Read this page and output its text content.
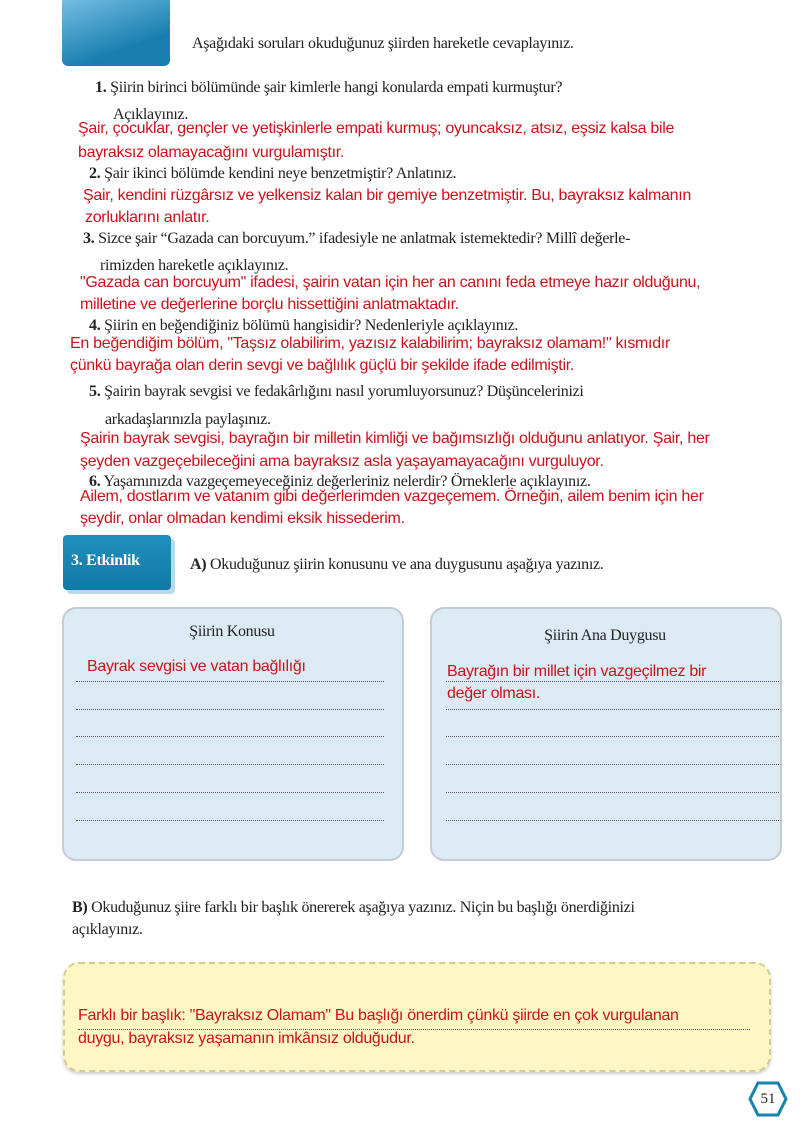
Aşağıdaki soruları okuduğunuz şiirden hareketle cevaplayınız.
1. Şiirin birinci bölümünde şair kimlerle hangi konularda empati kurmuştur?
Açıklayınız.
Şair, çocuklar, gençler ve yetişkinlerle empati kurmuş; oyuncaksız, atsız, eşsiz kalsa bile
bayraksız olamayacağını vurgulamıştır.
2. Şair ikinci bölümde kendini neye benzetmiştir? Anlatınız.
Şair, kendini rüzgârsız ve yelkensiz kalan bir gemiye benzetmiştir. Bu, bayraksız kalmanın
zorluklarını anlatır.
3. Sizce şair “Gazada can borcuyum.” ifadesiyle ne anlatmak istemektedir? Millî değerle-
rimizden hareketle açıklayınız.
"Gazada can borcuyum" ifadesi, şairin vatan için her an canını feda etmeye hazır olduğunu,
milletine ve değerlerine borçlu hissettiğini anlatmaktadır.
4. Şiirin en beğendiğiniz bölümü hangisidir? Nedenleriyle açıklayınız.
En beğendiğim bölüm, "Taşsız olabilirim, yazısız kalabilirim; bayraksız olamam!" kısmıdır
çünkü bayrağa olan derin sevgi ve bağlılık güçlü bir şekilde ifade edilmiştir.
5. Şairin bayrak sevgisi ve fedakârlığını nasıl yorumluyorsunuz? Düşüncelerinizi
arkadaşlarınızla paylaşınız.
Şairin bayrak sevgisi, bayrağın bir milletin kimliği ve bağımsızlığı olduğunu anlatıyor. Şair, her
şeyden vazgeçebileceğini ama bayraksız asla yaşayamayacağını vurguluyor.
6. Yaşamınızda vazgeçemeyeceğiniz değerleriniz nelerdir? Örneklerle açıklayınız.
Ailem, dostlarım ve vatanım gibi değerlerimden vazgeçemem. Örneğin, ailem benim için her
şeydir, onlar olmadan kendimi eksik hissederim.
3. Etkinlik	A) Okuduğunuz şiirin konusunu ve ana duygusunu aşağıya yazınız.
Şiirin Konusu
Bayrak sevgisi ve vatan bağlılığı
Şiirin Ana Duygusu
Bayrağın bir millet için vazgeçilmez bir
değer olması.
B) Okuduğunuz şiire farklı bir başlık önererek aşağıya yazınız. Niçin bu başlığı önerdiğinizi
açıklayınız.
Farklı bir başlık: "Bayraksız Olamam" Bu başlığı önerdim çünkü şiirde en çok vurgulanan
duygu, bayraksız yaşamanın imkânsız olduğudur.
51
